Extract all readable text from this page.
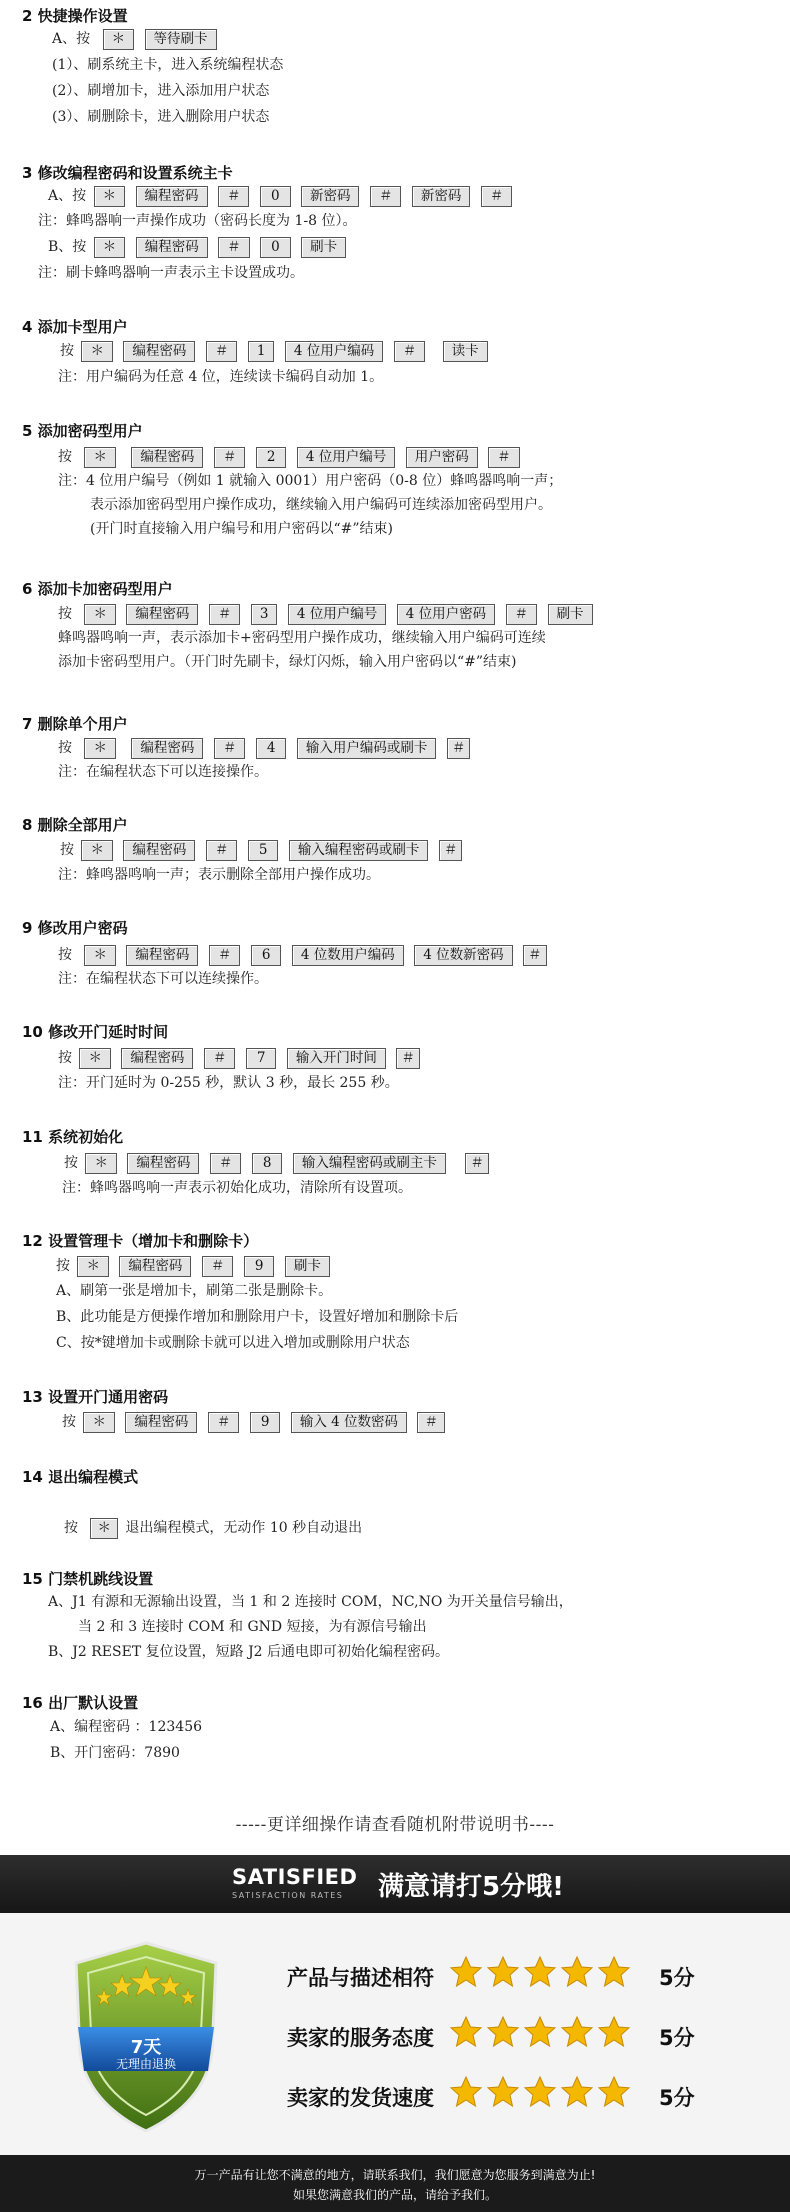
2 快捷操作设置
A、按 ＊ 等待刷卡
(1）、刷系统主卡，进入系统编程状态
(2）、刷增加卡，进入添加用户状态
(3）、刷删除卡，进入删除用户状态
3 修改编程密码和设置系统主卡
A、按 ＊ 编程密码 ＃ 0 新密码 ＃ 新密码 ＃
注：蜂鸣器响一声操作成功（密码长度为 1-8 位）。
B、按 ＊ 编程密码 ＃ 0 刷卡
注：刷卡蜂鸣器响一声表示主卡设置成功。
4 添加卡型用户
按 ＊ 编程密码 ＃ 1 4 位用户编码 ＃	读卡
注：用户编码为任意 4 位，连续读卡编码自动加 1。
5 添加密码型用户
按 ＊ 编程密码 ＃ 2 4 位用户编号 用户密码 ＃
注：4 位用户编号（例如 1 就输入 0001）用户密码（0-8 位）蜂鸣器鸣响一声；
表示添加密码型用户操作成功，继续输入用户编码可连续添加密码型用户。
(开门时直接输入用户编号和用户密码以“#”结束)
6 添加卡加密码型用户
按 ＊ 编程密码 ＃ 3 4 位用户编号 4 位用户密码 ＃ 刷卡
蜂鸣器鸣响一声，表示添加卡+密码型用户操作成功，继续输入用户编码可连续
添加卡密码型用户。（开门时先刷卡，绿灯闪烁，输入用户密码以“#”结束)
7 删除单个用户
按 ＊ 编程密码 ＃ 4 输入用户编码或刷卡 ＃
注：在编程状态下可以连接操作。
8 删除全部用户
按 ＊ 编程密码 ＃ 5 输入编程密码或刷卡 ＃
注：蜂鸣器鸣响一声；表示删除全部用户操作成功。
9 修改用户密码
按 ＊ 编程密码 ＃ 6 4 位数用户编码 4 位数新密码 ＃
注：在编程状态下可以连续操作。
10 修改开门延时时间
按 ＊ 编程密码 ＃ 7 输入开门时间 ＃
注：开门延时为 0-255 秒，默认 3 秒，最长 255 秒。
11 系统初始化
按 ＊ 编程密码 ＃ 8 输入编程密码或刷主卡 ＃
注：蜂鸣器鸣响一声表示初始化成功，清除所有设置项。
12 设置管理卡（增加卡和删除卡）
按 ＊ 编程密码 ＃ 9 刷卡
A、刷第一张是增加卡，刷第二张是删除卡。
B、此功能是方便操作增加和删除用户卡，设置好增加和删除卡后
C、按*键增加卡或删除卡就可以进入增加或删除用户状态
13 设置开门通用密码
按 ＊ 编程密码 ＃ 9 输入 4 位数密码 ＃
14 退出编程模式
按 ＊ 退出编程模式，无动作 10 秒自动退出
15 门禁机跳线设置
A、J1 有源和无源输出设置，当 1 和 2 连接时 COM，NC,NO 为开关量信号输出，
当 2 和 3 连接时 COM 和 GND 短接，为有源信号输出
B、J2 RESET 复位设置，短路 J2 后通电即可初始化编程密码。
16 出厂默认设置
A、编程密码 ：123456
B、开门密码：7890
-----更详细操作请查看随机附带说明书----
SATISFIED
SATISFACTION RATES 满意请打5分哦!
7天
无理由退换
产品与描述相符	5分
卖家的服务态度	5分
卖家的发货速度	5分
万一产品有让您不满意的地方，请联系我们，我们愿意为您服务到满意为止!
如果您满意我们的产品，请给予我们。
